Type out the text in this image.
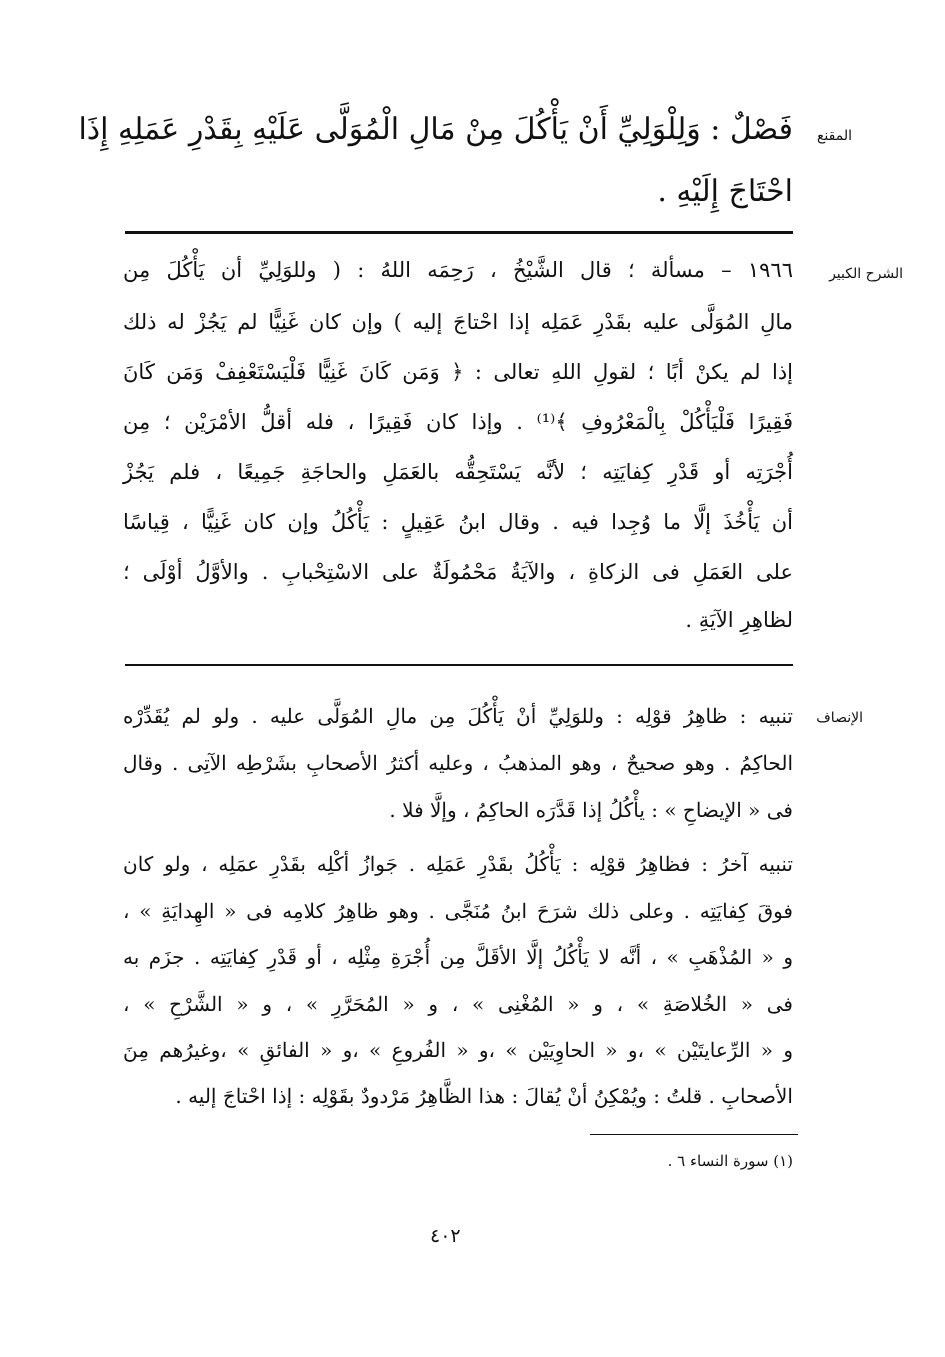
المقنع
الشرح الكبير
الإنصاف
فَصْلٌ : وَلِلْوَلِيِّ أَنْ يَأْكُلَ مِنْ مَالِ الْمُوَلَّى عَلَيْهِ بِقَدْرِ عَمَلِهِ إِذَا
احْتَاجَ إِلَيْهِ .
١٩٦٦ – مسألة ؛ قال الشَّيْخُ ، رَحِمَه اللهُ : ( وللوَلِيِّ أن يَأْكُلَ مِن
مالِ المُوَلَّى عليه بقَدْرِ عَمَلِه إذا احْتاجَ إليه ) وإن كان غَنِيًّا لم يَجُزْ له ذلك
إذا لم يكنْ أبًا ؛ لقولِ اللهِ تعالى : ﴿ وَمَن كَانَ غَنِيًّا فَلْيَسْتَعْفِفْ وَمَن كَانَ
فَقِيرًا فَلْيَأْكُلْ بِالْمَعْرُوفِ ﴾⁽¹⁾ . وإذا كان فَقِيرًا ، فله أقلُّ الأمْرَيْن ؛ مِن
أُجْرَتِه أو قَدْرِ كِفايَتِه ؛ لأنَّه يَسْتَحِقُّه بالعَمَلِ والحاجَةِ جَمِيعًا ، فلم يَجُزْ
أن يَأْخُذَ إلَّا ما وُجِدا فيه . وقال ابنُ عَقِيلٍ : يَأْكُلُ وإن كان غَنِيًّا ، قِياسًا
على العَمَلِ فى الزكاةِ ، والآيَةُ مَحْمُولَةٌ على الاسْتِحْبابِ . والأوَّلُ أوْلَى ؛
لظاهِرِ الآيَةِ .
تنبيه : ظاهِرُ قوْلِه : وللوَلِيِّ أنْ يَأْكُلَ مِن مالِ المُوَلَّى عليه . ولو لم يُقَدِّرْه
الحاكِمُ . وهو صحيحٌ ، وهو المذهبُ ، وعليه أكثرُ الأصحابِ بشَرْطِه الآتِى . وقال
فى « الإيضاحِ » : يأْكُلُ إذا قَدَّرَه الحاكِمُ ، وإلَّا فلا .
تنبيه آخرُ : فظاهِرُ قوْلِه : يَأْكُلُ بقَدْرِ عَمَلِه . جَوازُ أكْلِه بقَدْرِ عمَلِه ، ولو كان
فوقَ كِفايَتِه . وعلى ذلك شرَحَ ابنُ مُنَجَّى . وهو ظاهِرُ كلامِه فى « الهِدايَةِ » ،
و « المُذْهَبِ » ، أنَّه لا يَأْكُلُ إلَّا الأقَلَّ مِن أُجْرَةِ مِثْلِه ، أو قَدْرِ كِفايَتِه . جزَم به
فى « الخُلاصَةِ » ، و « المُغْنِى » ، و « المُحَرَّرِ » ، و « الشَّرْحِ » ،
و « الرِّعايتَيْن » ،و « الحاوِيَيْن » ،و « الفُروعِ » ،و « الفائقِ » ،وغيرُهم مِنَ
الأصحابِ . قلتُ : ويُمْكِنُ أنْ يُقالَ : هذا الظَّاهِرُ مَرْدودٌ بقَوْلِه : إذا احْتاجَ إليه .
(١) سورة النساء ٦ .
٤٠٢
